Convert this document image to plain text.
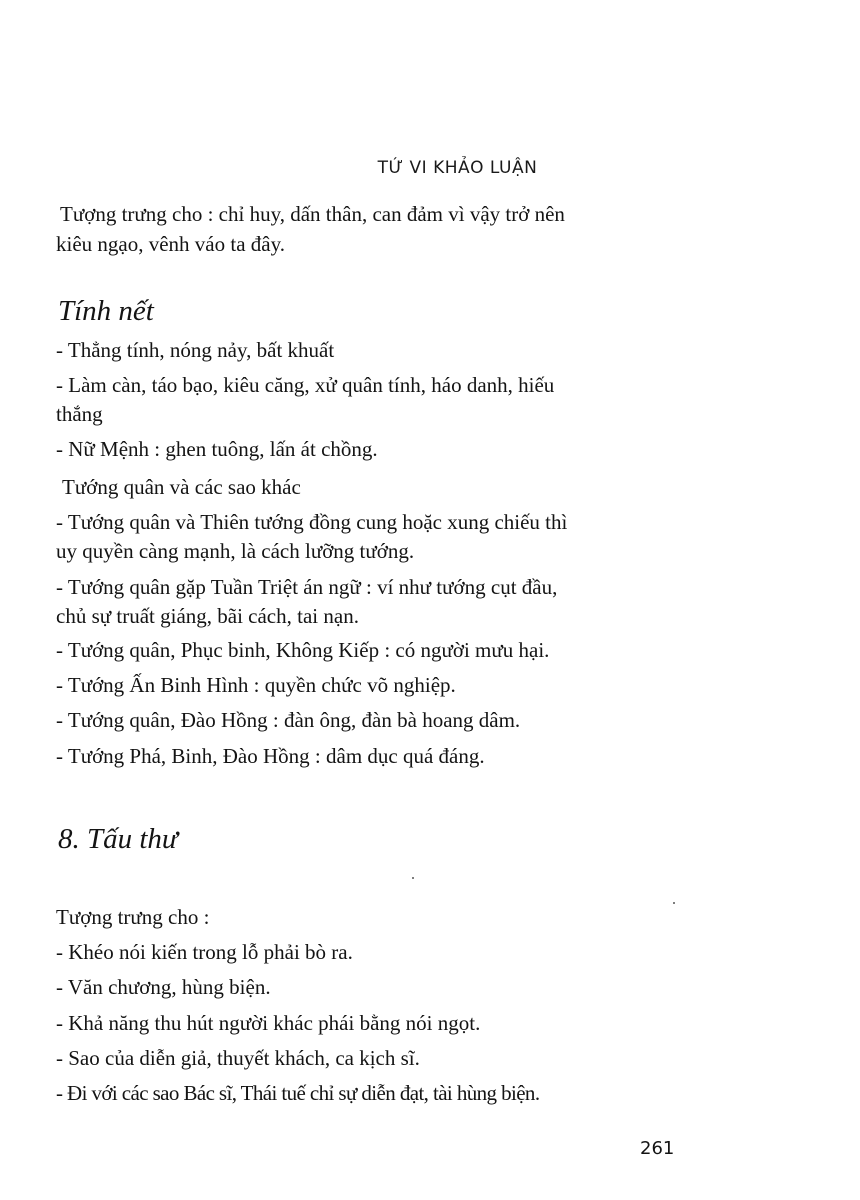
TỨ VI KHẢO LUẬN
Tượng trưng cho : chỉ huy, dấn thân, can đảm vì vậy trở nên
kiêu ngạo, vênh váo ta đây.
Tính nết
- Thẳng tính, nóng nảy, bất khuất
- Làm càn, táo bạo, kiêu căng, xử quân tính, háo danh, hiếu
thắng
- Nữ Mệnh : ghen tuông, lấn át chồng.
Tướng quân và các sao khác
- Tướng quân và Thiên tướng đồng cung hoặc xung chiếu thì
uy quyền càng mạnh, là cách lưỡng tướng.
- Tướng quân gặp Tuần Triệt án ngữ : ví như tướng cụt đầu,
chủ sự truất giáng, bãi cách, tai nạn.
- Tướng quân, Phục binh, Không Kiếp : có người mưu hại.
- Tướng Ấn Binh Hình : quyền chức võ nghiệp.
- Tướng quân, Đào Hồng : đàn ông, đàn bà hoang dâm.
- Tướng Phá, Binh, Đào Hồng : dâm dục quá đáng.
8. Tấu thư
Tượng trưng cho :
- Khéo nói kiến trong lỗ phải bò ra.
- Văn chương, hùng biện.
- Khả năng thu hút người khác phái bằng nói ngọt.
- Sao của diễn giả, thuyết khách, ca kịch sĩ.
- Đi với các sao Bác sĩ, Thái tuế chỉ sự diễn đạt, tài hùng biện.
261
